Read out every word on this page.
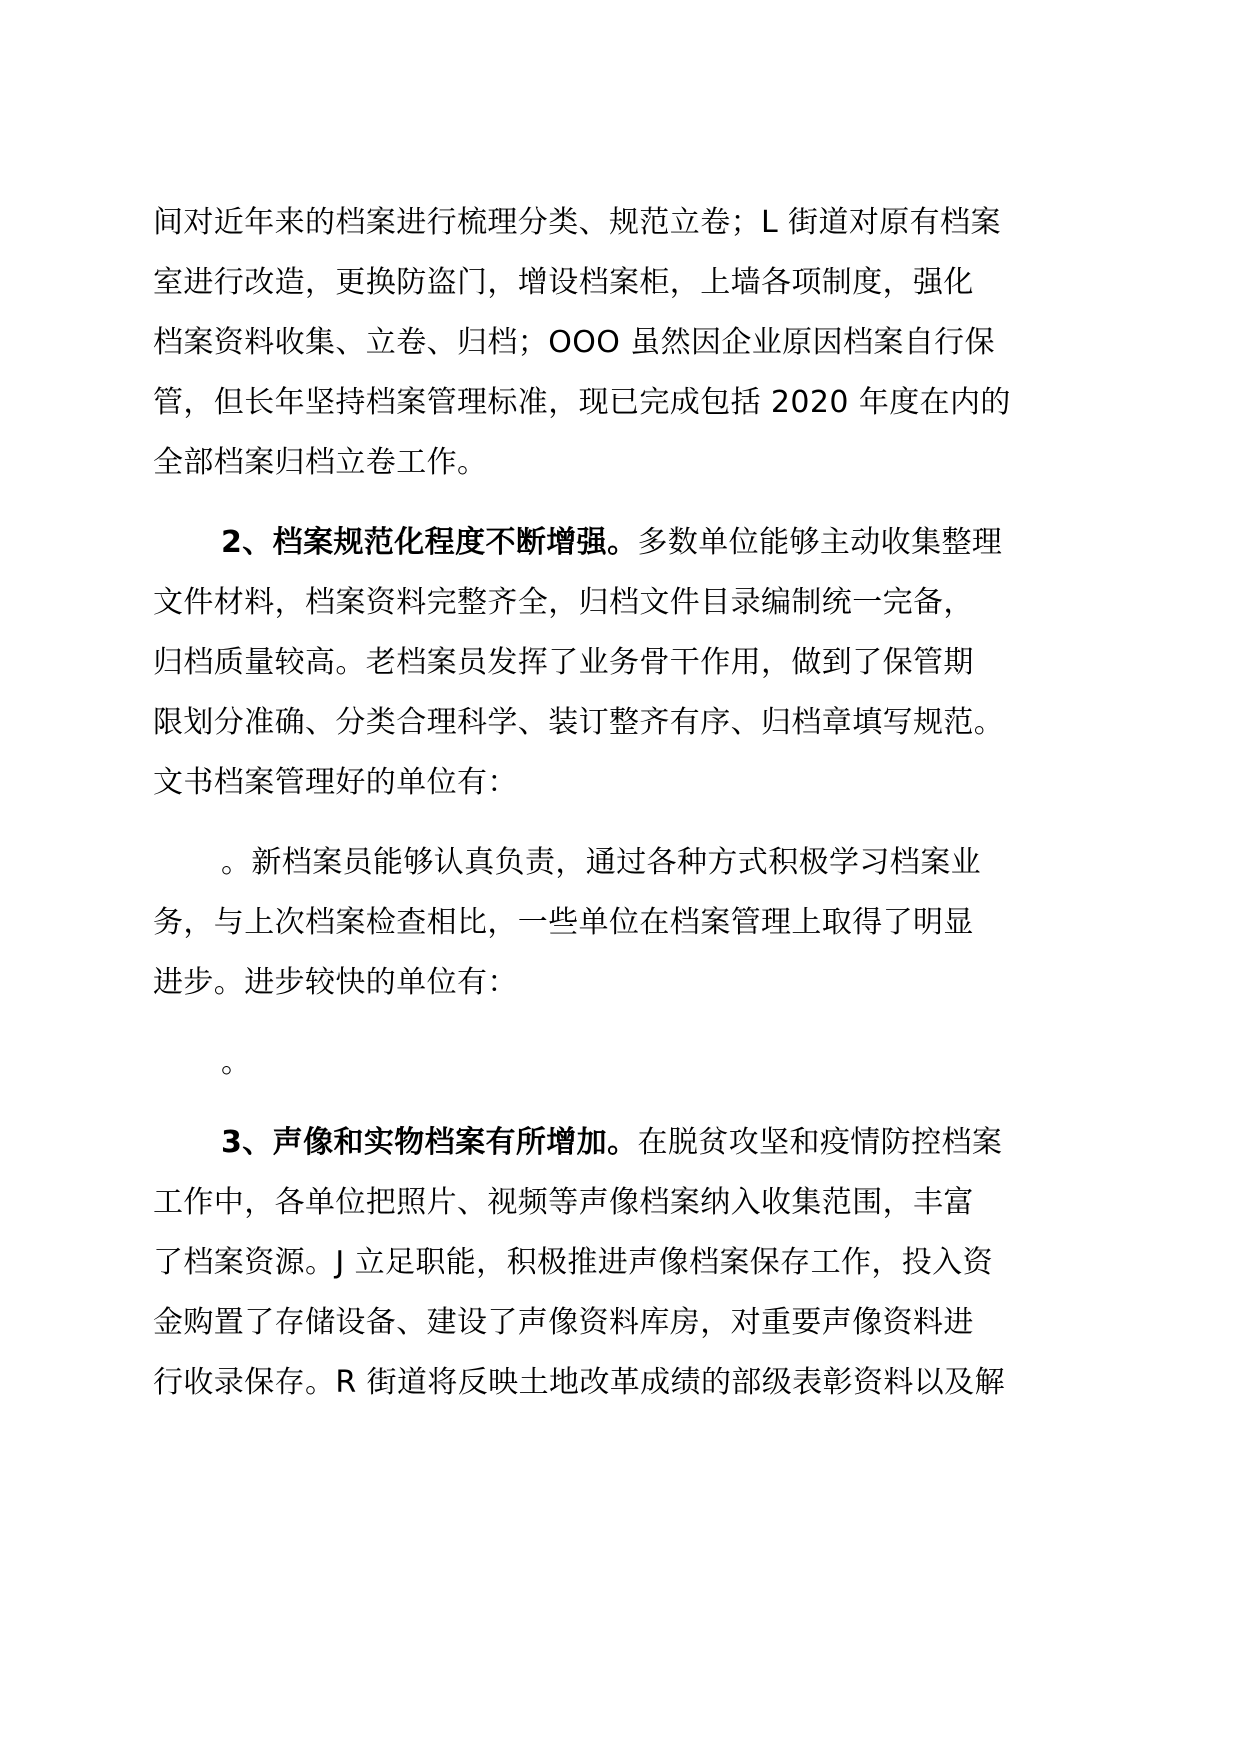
间对近年来的档案进行梳理分类、规范立卷；L 街道对原有档案
室进行改造，更换防盗门，增设档案柜，上墙各项制度，强化
档案资料收集、立卷、归档；OOO 虽然因企业原因档案自行保
管，但长年坚持档案管理标准，现已完成包括 2020 年度在内的
全部档案归档立卷工作。
2、档案规范化程度不断增强。多数单位能够主动收集整理
文件材料，档案资料完整齐全，归档文件目录编制统一完备，
归档质量较高。老档案员发挥了业务骨干作用，做到了保管期
限划分准确、分类合理科学、装订整齐有序、归档章填写规范。
文书档案管理好的单位有：
。新档案员能够认真负责，通过各种方式积极学习档案业
务，与上次档案检查相比，一些单位在档案管理上取得了明显
进步。进步较快的单位有：
。
3、声像和实物档案有所增加。在脱贫攻坚和疫情防控档案
工作中，各单位把照片、视频等声像档案纳入收集范围，丰富
了档案资源。J 立足职能，积极推进声像档案保存工作，投入资
金购置了存储设备、建设了声像资料库房，对重要声像资料进
行收录保存。R 街道将反映土地改革成绩的部级表彰资料以及解
